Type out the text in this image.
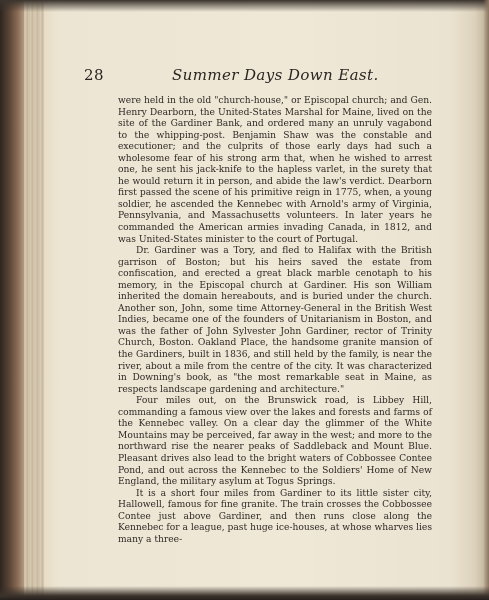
28	Summer Days Down East.

were held in the old "church-house," or Episcopal church; and Gen. Henry Dearborn, the United-States Marshal for Maine, lived on the site of the Gardiner Bank, and ordered many an unruly vagabond to the whipping-post. Benjamin Shaw was the constable and executioner; and the culprits of those early days had such a wholesome fear of his strong arm that, when he wished to arrest one, he sent his jack-knife to the hapless varlet, in the surety that he would return it in person, and abide the law's verdict. Dearborn first passed the scene of his primitive reign in 1775, when, a young soldier, he ascended the Kennebec with Arnold's army of Virginia, Pennsylvania, and Massachusetts volunteers. In later years he commanded the American armies invading Canada, in 1812, and was United-States minister to the court of Portugal.

Dr. Gardiner was a Tory, and fled to Halifax with the British garrison of Boston; but his heirs saved the estate from confiscation, and erected a great black marble cenotaph to his memory, in the Episcopal church at Gardiner. His son William inherited the domain hereabouts, and is buried under the church. Another son, John, some time Attorney-General in the British West Indies, became one of the founders of Unitarianism in Boston, and was the father of John Sylvester John Gardiner, rector of Trinity Church, Boston. Oakland Place, the handsome granite mansion of the Gardiners, built in 1836, and still held by the family, is near the river, about a mile from the centre of the city. It was characterized in Downing's book, as "the most remarkable seat in Maine, as respects landscape gardening and architecture."

Four miles out, on the Brunswick road, is Libbey Hill, commanding a famous view over the lakes and forests and farms of the Kennebec valley. On a clear day the glimmer of the White Mountains may be perceived, far away in the west; and more to the northward rise the nearer peaks of Saddleback and Mount Blue. Pleasant drives also lead to the bright waters of Cobbossee Contee Pond, and out across the Kennebec to the Soldiers' Home of New England, the military asylum at Togus Springs.

It is a short four miles from Gardiner to its little sister city, Hallowell, famous for fine granite. The train crosses the Cobbossee Contee just above Gardiner, and then runs close along the Kennebec for a league, past huge ice-houses, at whose wharves lies many a three-
